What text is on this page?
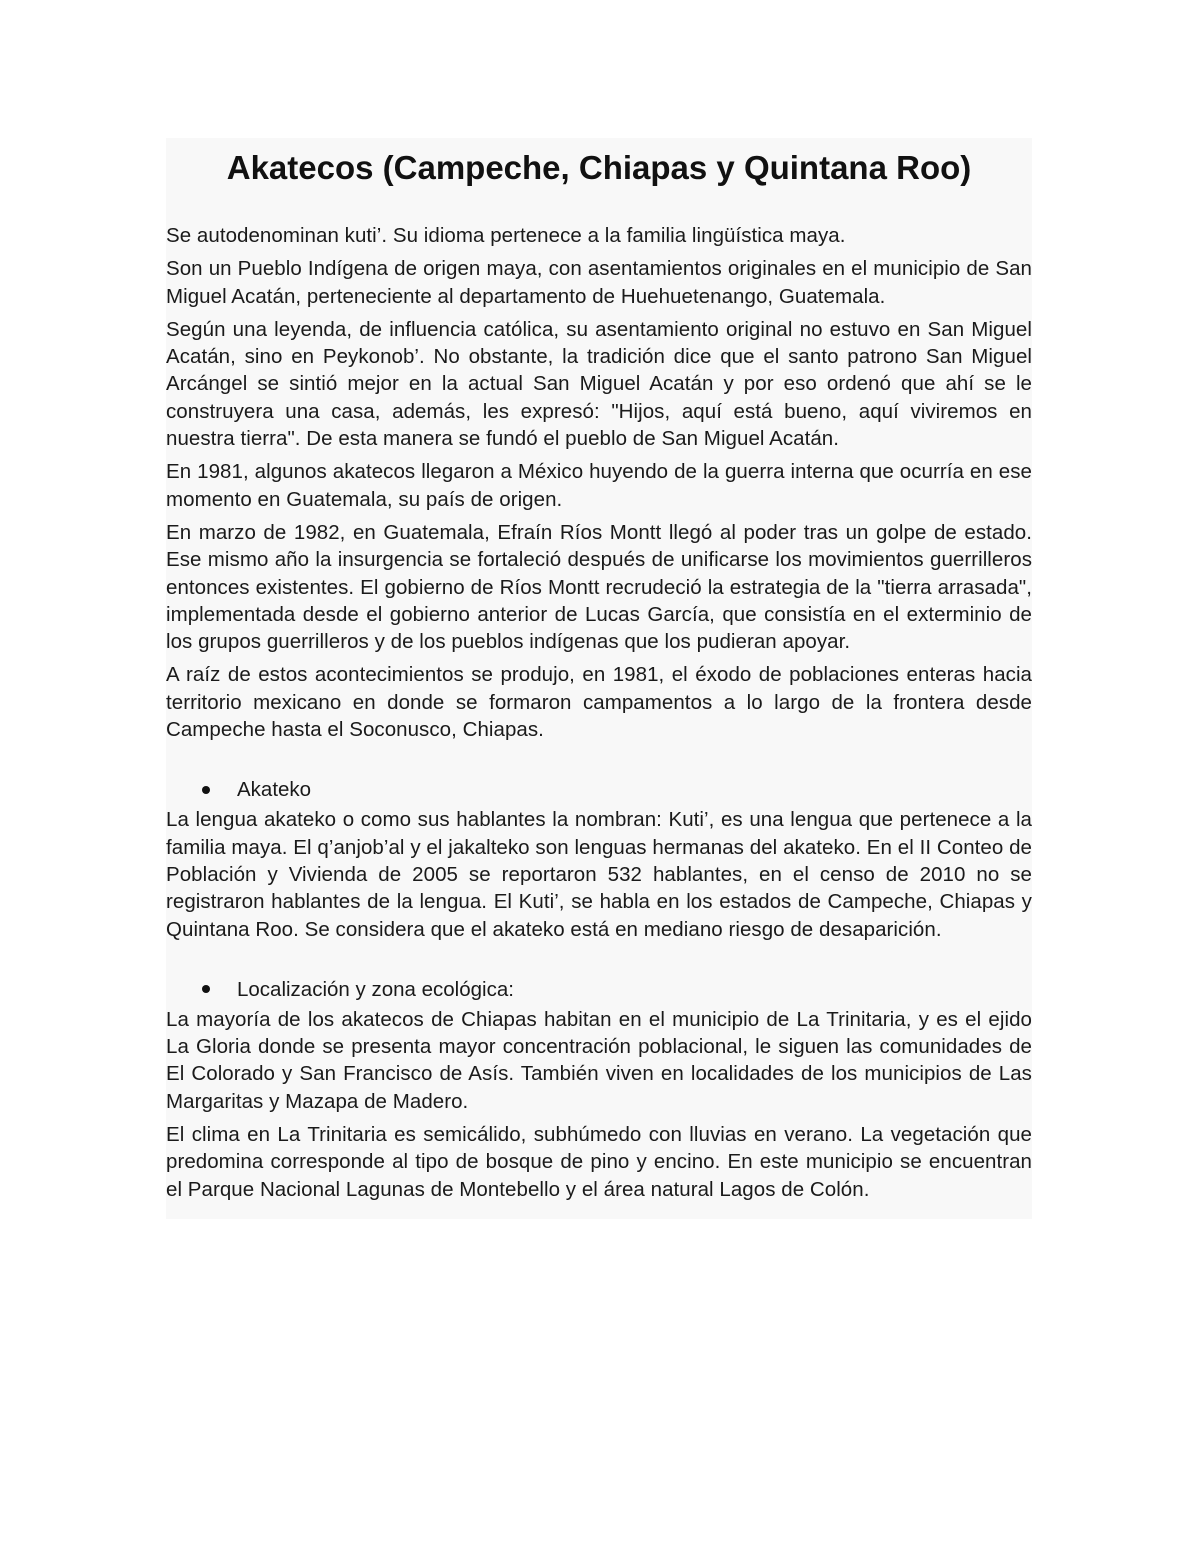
Akatecos (Campeche, Chiapas y Quintana Roo)

Se autodenominan kuti’. Su idioma pertenece a la familia lingüística maya.

Son un Pueblo Indígena de origen maya, con asentamientos originales en el municipio de San Miguel Acatán, perteneciente al departamento de Huehuetenango, Guatemala.

Según una leyenda, de influencia católica, su asentamiento original no estuvo en San Miguel Acatán, sino en Peykonob’. No obstante, la tradición dice que el santo patrono San Miguel Arcángel se sintió mejor en la actual San Miguel Acatán y por eso ordenó que ahí se le construyera una casa, además, les expresó: "Hijos, aquí está bueno, aquí viviremos en nuestra tierra". De esta manera se fundó el pueblo de San Miguel Acatán.

En 1981, algunos akatecos llegaron a México huyendo de la guerra interna que ocurría en ese momento en Guatemala, su país de origen.

En marzo de 1982, en Guatemala, Efraín Ríos Montt llegó al poder tras un golpe de estado. Ese mismo año la insurgencia se fortaleció después de unificarse los movimientos guerrilleros entonces existentes. El gobierno de Ríos Montt recrudeció la estrategia de la "tierra arrasada", implementada desde el gobierno anterior de Lucas García, que consistía en el exterminio de los grupos guerrilleros y de los pueblos indígenas que los pudieran apoyar.

A raíz de estos acontecimientos se produjo, en 1981, el éxodo de poblaciones enteras hacia territorio mexicano en donde se formaron campamentos a lo largo de la frontera desde Campeche hasta el Soconusco, Chiapas.

Akateko

La lengua akateko o como sus hablantes la nombran: Kuti’, es una lengua que pertenece a la familia maya. El q’anjob’al y el jakalteko son lenguas hermanas del akateko. En el II Conteo de Población y Vivienda de 2005 se reportaron 532 hablantes, en el censo de 2010 no se registraron hablantes de la lengua. El Kuti’, se habla en los estados de Campeche, Chiapas y Quintana Roo. Se considera que el akateko está en mediano riesgo de desaparición.

Localización y zona ecológica:

La mayoría de los akatecos de Chiapas habitan en el municipio de La Trinitaria, y es el ejido La Gloria donde se presenta mayor concentración poblacional, le siguen las comunidades de El Colorado y San Francisco de Asís. También viven en localidades de los municipios de Las Margaritas y Mazapa de Madero.

El clima en La Trinitaria es semicálido, subhúmedo con lluvias en verano. La vegetación que predomina corresponde al tipo de bosque de pino y encino. En este municipio se encuentran el Parque Nacional Lagunas de Montebello y el área natural Lagos de Colón.
